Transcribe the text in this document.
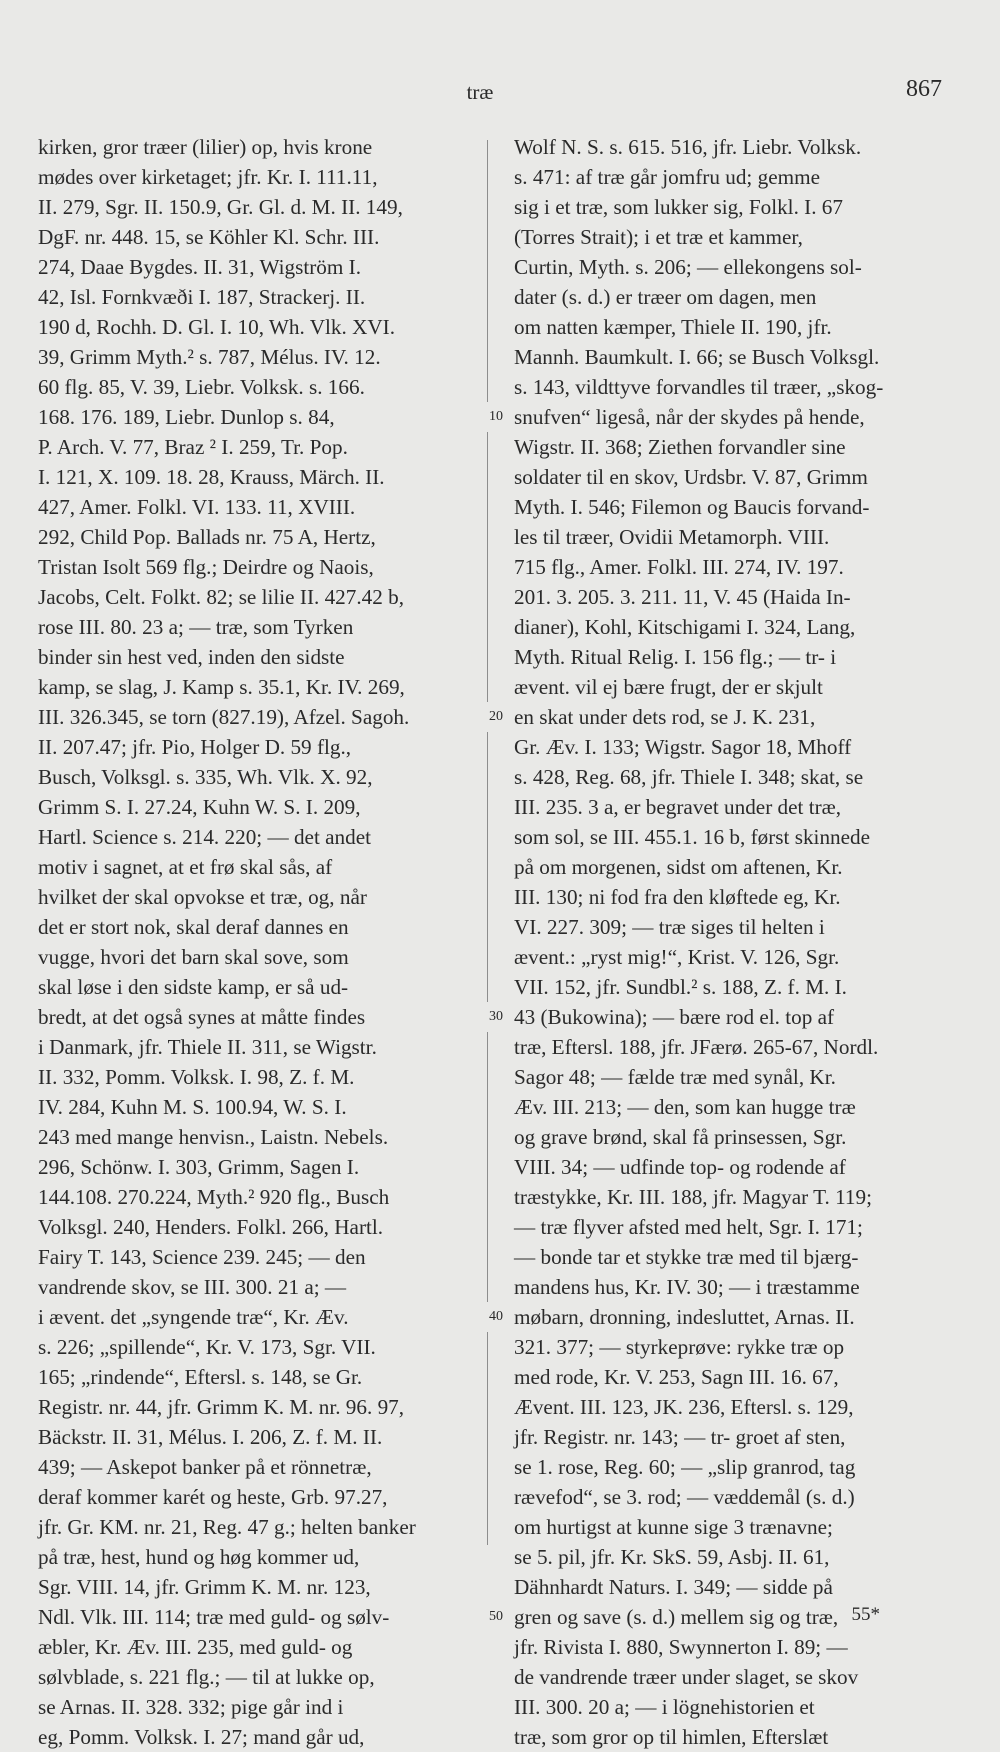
træ	867
kirken, gror træer (lilier) op, hvis krone
mødes over kirketaget; jfr. Kr. I. 111.11,
II. 279, Sgr. II. 150.9, Gr. Gl. d. M. II. 149,
DgF. nr. 448. 15, se Köhler Kl. Schr. III.
274, Daae Bygdes. II. 31, Wigström I.
42, Isl. Fornkvæði I. 187, Strackerj. II.
190 d, Rochh. D. Gl. I. 10, Wh. Vlk. XVI.
39, Grimm Myth.² s. 787, Mélus. IV. 12.
60 flg. 85, V. 39, Liebr. Volksk. s. 166.
168. 176. 189, Liebr. Dunlop s. 84,
P. Arch. V. 77, Braz ² I. 259, Tr. Pop.
I. 121, X. 109. 18. 28, Krauss, Märch. II.
427, Amer. Folkl. VI. 133. 11, XVIII.
292, Child Pop. Ballads nr. 75 A, Hertz,
Tristan Isolt 569 flg.; Deirdre og Naois,
Jacobs, Celt. Folkt. 82; se lilie II. 427.42 b,
rose III. 80. 23 a; — træ, som Tyrken
binder sin hest ved, inden den sidste
kamp, se slag, J. Kamp s. 35.1, Kr. IV. 269,
III. 326.345, se torn (827.19), Afzel. Sagoh.
II. 207.47; jfr. Pio, Holger D. 59 flg.,
Busch, Volksgl. s. 335, Wh. Vlk. X. 92,
Grimm S. I. 27.24, Kuhn W. S. I. 209,
Hartl. Science s. 214. 220; — det andet
motiv i sagnet, at et frø skal sås, af
hvilket der skal opvokse et træ, og, når
det er stort nok, skal deraf dannes en
vugge, hvori det barn skal sove, som
skal løse i den sidste kamp, er så ud-
bredt, at det også synes at måtte findes
i Danmark, jfr. Thiele II. 311, se Wigstr.
II. 332, Pomm. Volksk. I. 98, Z. f. M.
IV. 284, Kuhn M. S. 100.94, W. S. I.
243 med mange henvisn., Laistn. Nebels.
296, Schönw. I. 303, Grimm, Sagen I.
144.108. 270.224, Myth.² 920 flg., Busch
Volksgl. 240, Henders. Folkl. 266, Hartl.
Fairy T. 143, Science 239. 245; — den
vandrende skov, se III. 300. 21 a; —
i ævent. det „syngende træ“, Kr. Æv.
s. 226; „spillende“, Kr. V. 173, Sgr. VII.
165; „rindende“, Eftersl. s. 148, se Gr.
Registr. nr. 44, jfr. Grimm K. M. nr. 96. 97,
Bäckstr. II. 31, Mélus. I. 206, Z. f. M. II.
439; — Askepot banker på et rönnetræ,
deraf kommer karét og heste, Grb. 97.27,
jfr. Gr. KM. nr. 21, Reg. 47 g.; helten banker
på træ, hest, hund og høg kommer ud,
Sgr. VIII. 14, jfr. Grimm K. M. nr. 123,
Ndl. Vlk. III. 114; træ med guld- og sølv-
æbler, Kr. Æv. III. 235, med guld- og
sølvblade, s. 221 flg.; — til at lukke op,
se Arnas. II. 328. 332; pige går ind i
eg, Pomm. Volksk. I. 27; mand går ud,
Wolf N. S. s. 615. 516, jfr. Liebr. Volksk.
s. 471: af træ går jomfru ud; gemme
sig i et træ, som lukker sig, Folkl. I. 67
(Torres Strait); i et træ et kammer,
Curtin, Myth. s. 206; — ellekongens sol-
dater (s. d.) er træer om dagen, men
om natten kæmper, Thiele II. 190, jfr.
Mannh. Baumkult. I. 66; se Busch Volksgl.
s. 143, vildttyve forvandles til træer, „skog-
snufven“ ligeså, når der skydes på hende,
Wigstr. II. 368; Ziethen forvandler sine
soldater til en skov, Urdsbr. V. 87, Grimm
Myth. I. 546; Filemon og Baucis forvand-
les til træer, Ovidii Metamorph. VIII.
715 flg., Amer. Folkl. III. 274, IV. 197.
201. 3. 205. 3. 211. 11, V. 45 (Haida In-
dianer), Kohl, Kitschigami I. 324, Lang,
Myth. Ritual Relig. I. 156 flg.; — tr- i
ævent. vil ej bære frugt, der er skjult
en skat under dets rod, se J. K. 231,
Gr. Æv. I. 133; Wigstr. Sagor 18, Mhoff
s. 428, Reg. 68, jfr. Thiele I. 348; skat, se
III. 235. 3 a, er begravet under det træ,
som sol, se III. 455.1. 16 b, først skinnede
på om morgenen, sidst om aftenen, Kr.
III. 130; ni fod fra den kløftede eg, Kr.
VI. 227. 309; — træ siges til helten i
ævent.: „ryst mig!“, Krist. V. 126, Sgr.
VII. 152, jfr. Sundbl.² s. 188, Z. f. M. I.
43 (Bukowina); — bære rod el. top af
træ, Eftersl. 188, jfr. JFærø. 265-67, Nordl.
Sagor 48; — fælde træ med synål, Kr.
Æv. III. 213; — den, som kan hugge træ
og grave brønd, skal få prinsessen, Sgr.
VIII. 34; — udfinde top- og rodende af
træstykke, Kr. III. 188, jfr. Magyar T. 119;
— træ flyver afsted med helt, Sgr. I. 171;
— bonde tar et stykke træ med til bjærg-
mandens hus, Kr. IV. 30; — i træstamme
møbarn, dronning, indesluttet, Arnas. II.
321. 377; — styrkeprøve: rykke træ op
med rode, Kr. V. 253, Sagn III. 16. 67,
Ævent. III. 123, JK. 236, Eftersl. s. 129,
jfr. Registr. nr. 143; — tr- groet af sten,
se 1. rose, Reg. 60; — „slip granrod, tag
rævefod“, se 3. rod; — væddemål (s. d.)
om hurtigst at kunne sige 3 trænavne;
se 5. pil, jfr. Kr. SkS. 59, Asbj. II. 61,
Dähnhardt Naturs. I. 349; — sidde på
gren og save (s. d.) mellem sig og træ,
jfr. Rivista I. 880, Swynnerton I. 89; —
de vandrende træer under slaget, se skov
III. 300. 20 a; — i lögnehistorien et
træ, som gror op til himlen, Efterslæt
10
20
30
40
50	55*
